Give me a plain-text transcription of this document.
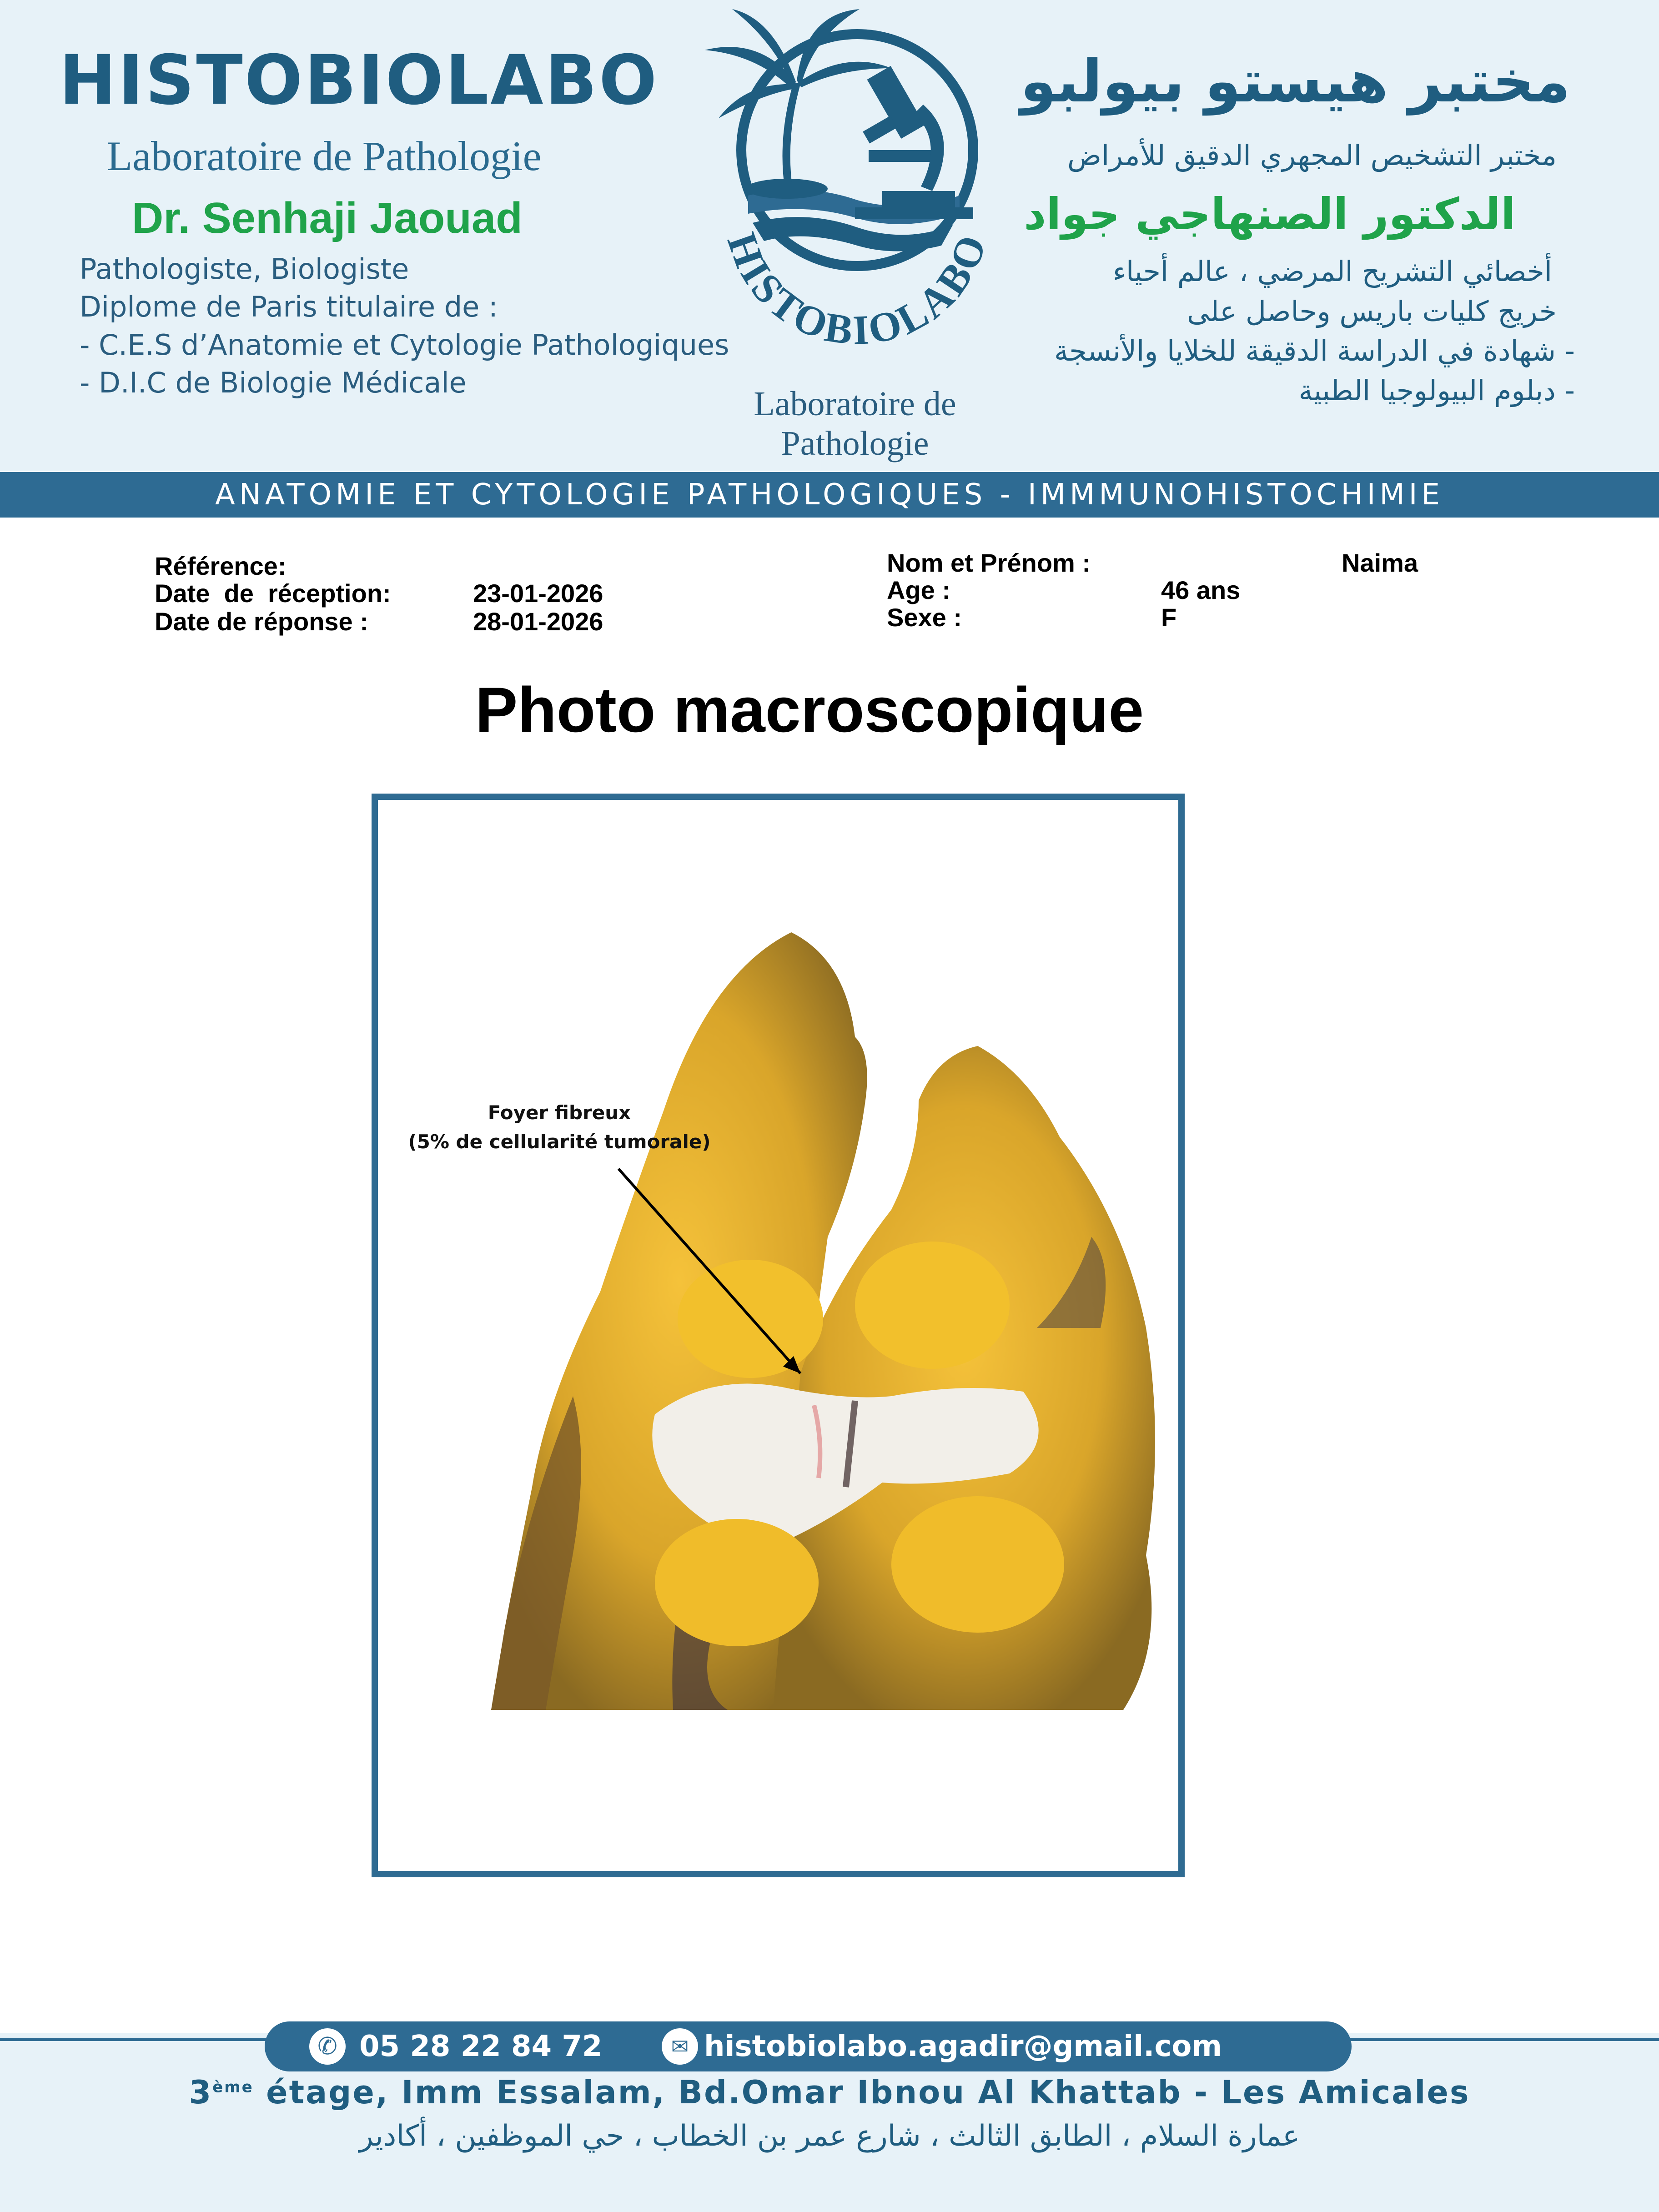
HISTOBIOLABO
Laboratoire de Pathologie
Dr. Senhaji Jaouad
Pathologiste, Biologiste
Diplome de Paris titulaire de :
- C.E.S d’Anatomie et Cytologie Pathologiques
- D.I.C de Biologie Médicale
HISTOBIOLABO
Laboratoire de Pathologie
مختبر هيستو بيولبو
مختبر التشخيص المجهري الدقيق للأمراض
الدكتور الصنهاجي جواد
أخصائي التشريح المرضي ، عالم أحياء
خريج كليات باريس وحاصل على
- شهادة في الدراسة الدقيقة للخلايا والأنسجة
- دبلوم البيولوجيا الطبية
ANATOMIE ET CYTOLOGIE PATHOLOGIQUES - IMMMUNOHISTOCHIMIE
Référence:
Date  de  réception:	23-01-2026
Date de réponse :	28-01-2026
Nom et Prénom :	Naima
Age :	46 ans
Sexe :	F
Photo macroscopique
Foyer fibreux
(5% de cellularité tumorale)
✆ 05 28 22 84 72	✉ histobiolabo.agadir@gmail.com
3ème étage, Imm Essalam, Bd.Omar Ibnou Al Khattab - Les Amicales
عمارة السلام ، الطابق الثالث ، شارع عمر بن الخطاب ، حي الموظفين ، أكادير
